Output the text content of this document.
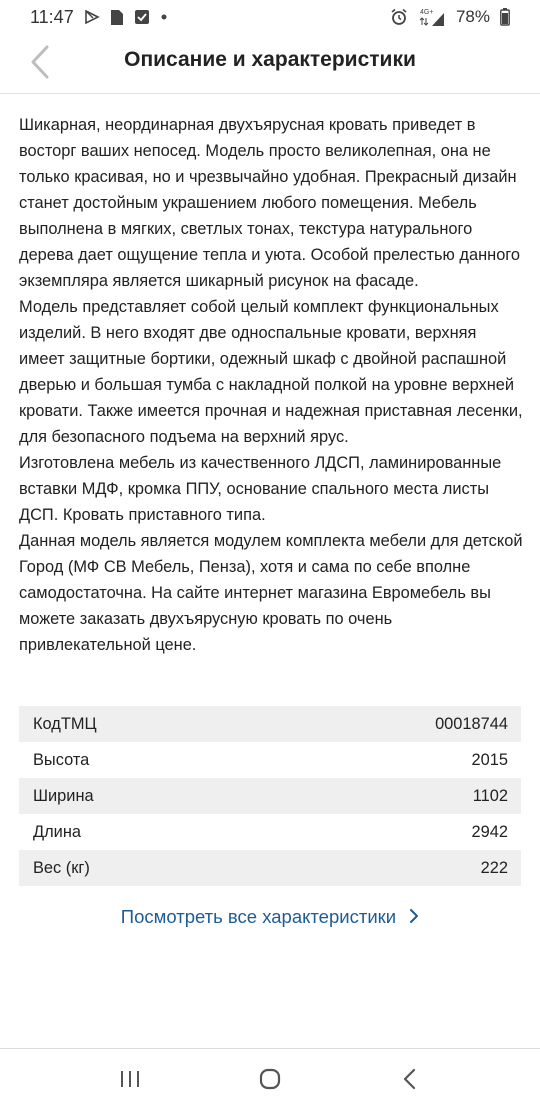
11:47	4G+ 78%
Описание и характеристики

Шикарная, неординарная двухъярусная кровать приведет в восторг ваших непосед. Модель просто великолепная, она не только красивая, но и чрезвычайно удобная. Прекрасный дизайн станет достойным украшением любого помещения. Мебель выполнена в мягких, светлых тонах, текстура натурального дерева дает ощущение тепла и уюта. Особой прелестью данного экземпляра является шикарный рисунок на фасаде.

Модель представляет собой целый комплект функциональных изделий. В него входят две односпальные кровати, верхняя имеет защитные бортики, одежный шкаф с двойной распашной дверью и большая тумба с накладной полкой на уровне верхней кровати. Также имеется прочная и надежная приставная лесенки, для безопасного подъема на верхний ярус.

Изготовлена мебель из качественного ЛДСП, ламинированные вставки МДФ, кромка ППУ, основание спального места листы ДСП. Кровать приставного типа.

Данная модель является модулем комплекта мебели для детской Город (МФ СВ Мебель, Пенза), хотя и сама по себе вполне самодостаточна. На сайте интернет магазина Евромебель вы можете заказать двухъярусную кровать по очень привлекательной цене.

КодТМЦ	00018744
Высота	2015
Ширина	1102
Длина	2942
Вес (кг)	222
Посмотреть все характеристики
